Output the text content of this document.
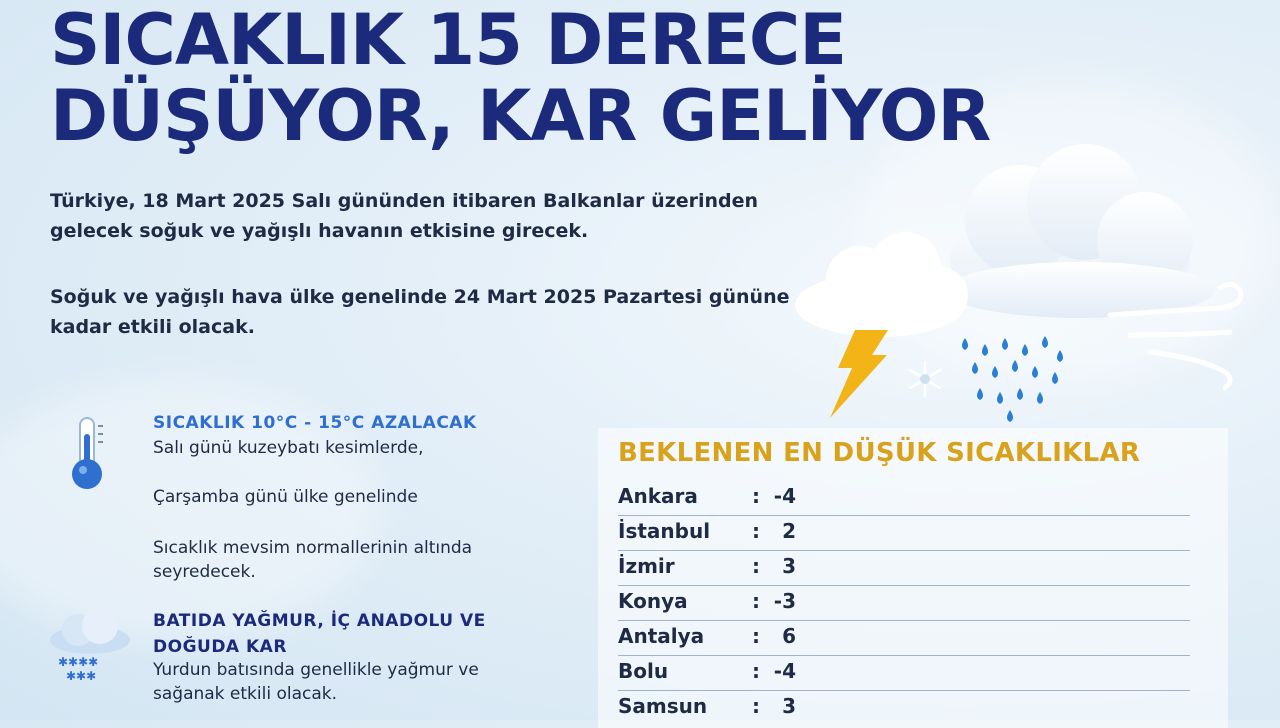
SICAKLIK 15 DERECE
DÜŞÜYOR, KAR GELİYOR

Türkiye, 18 Mart 2025 Salı gününden itibaren Balkanlar üzerinden gelecek soğuk ve yağışlı havanın etkisine girecek.

Soğuk ve yağışlı hava ülke genelinde 24 Mart 2025 Pazartesi gününe kadar etkili olacak.

SICAKLIK 10°C - 15°C AZALACAK

Salı günü kuzeybatı kesimlerde,

Çarşamba günü ülke genelinde

Sıcaklık mevsim normallerinin altında seyredecek.

✱✱✱✱
✱✱✱
BATIDA YAĞMUR, İÇ ANADOLU VE DOĞUDA KAR

Yurdun batısında genellikle yağmur ve sağanak etkili olacak.

BEKLENEN EN DÜŞÜK SICAKLIKLAR
Ankara	: -4
İstanbul :	2
İzmir	:	3
Konya	: -3
Antalya :	6
Bolu	: -4
Samsun :	3
